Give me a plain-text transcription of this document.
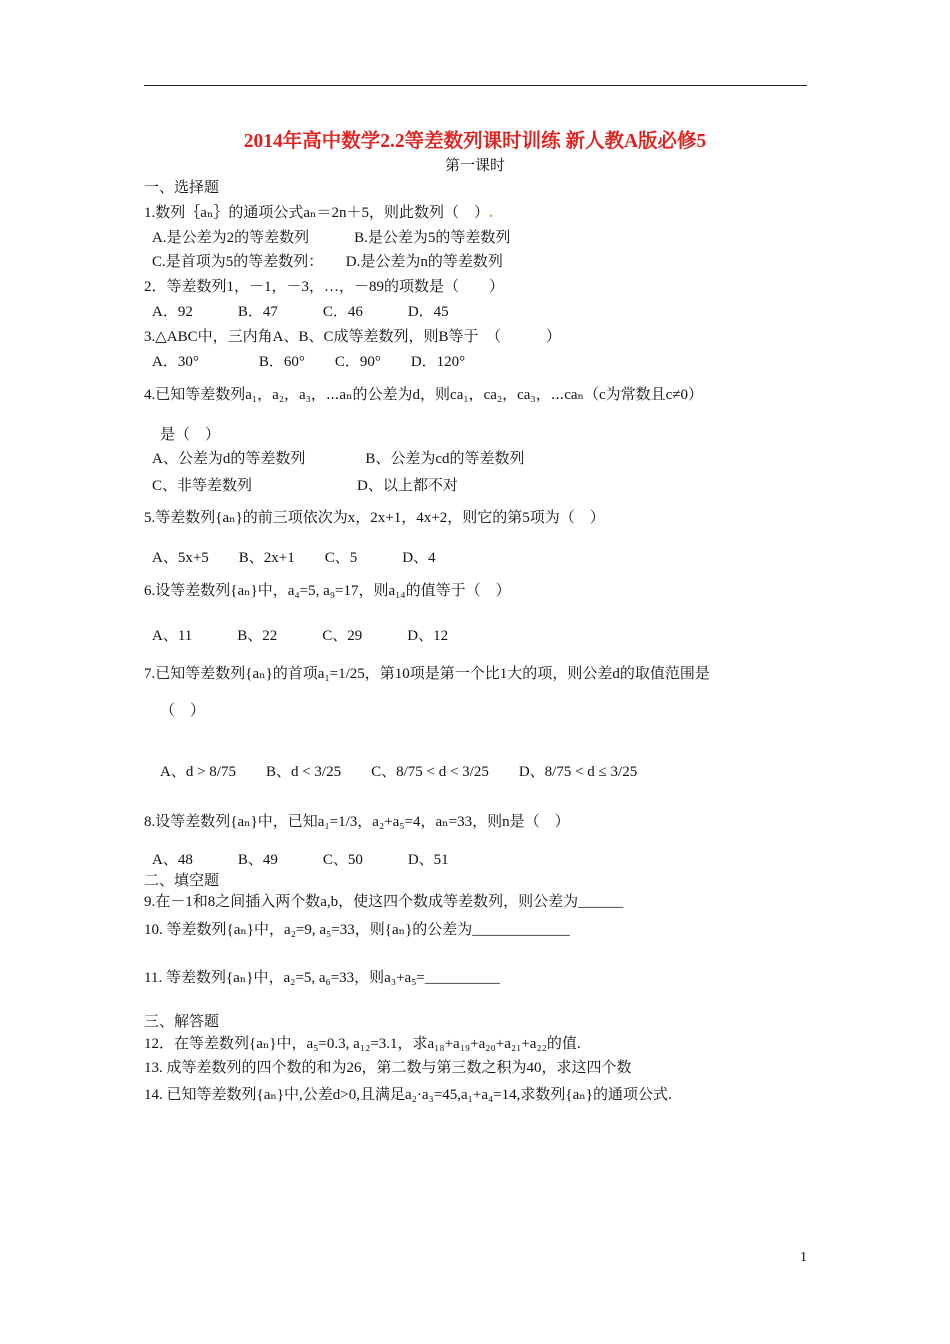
2014年高中数学2.2等差数列课时训练 新人教A版必修5
第一课时
一、选择题
1.数列｛aₙ｝的通项公式aₙ＝2n＋5，则此数列（　）.
A.是公差为2的等差数列　　　B.是公差为5的等差数列
C.是首项为5的等差数列：　　D.是公差为n的等差数列
2．等差数列1，－1，－3，…，－89的项数是（　　）
A．92　　　B．47　　　C．46　　　D．45
3.△ABC中，三内角A、B、C成等差数列，则B等于　（　　　）
A．30°　　　　B．60°　　C．90°　　D．120°
4.已知等差数列a₁，a₂，a₃，⋯aₙ的公差为d，则ca₁，ca₂，ca₃，⋯caₙ（c为常数且c≠0）
是（　）
A、公差为d的等差数列　　　　B、公差为cd的等差数列
C、非等差数列　　　　　　　D、以上都不对
5.等差数列{aₙ}的前三项依次为x，2x+1，4x+2，则它的第5项为（　）
A、5x+5　　B、2x+1　　C、5　　　D、4
6.设等差数列{aₙ}中，a₄=5, a₉=17，则a₁₄的值等于（　）
A、11　　　B、22　　　C、29　　　D、12
7.已知等差数列{aₙ}的首项a₁=1/25，第10项是第一个比1大的项，则公差d的取值范围是
（　）
A、d > 8/75　　B、d < 3/25　　C、8/75 < d < 3/25　　D、8/75 < d ≤ 3/25
8.设等差数列{aₙ}中，已知a₁=1/3，a₂+a₅=4，aₙ=33，则n是（　）
A、48　　　B、49　　　C、50　　　D、51
二、填空题
9.在－1和8之间插入两个数a,b，使这四个数成等差数列，则公差为______
10. 等差数列{aₙ}中，a₂=9, a₅=33，则{aₙ}的公差为_____________
11. 等差数列{aₙ}中，a₂=5, a₆=33，则a₃+a₅=__________
三、解答题
12．在等差数列{aₙ}中，a₅=0.3, a₁₂=3.1，求a₁₈+a₁₉+a₂₀+a₂₁+a₂₂的值.
13. 成等差数列的四个数的和为26，第二数与第三数之积为40，求这四个数
14. 已知等差数列{aₙ}中,公差d>0,且满足a₂·a₃=45,a₁+a₄=14,求数列{aₙ}的通项公式.
1
